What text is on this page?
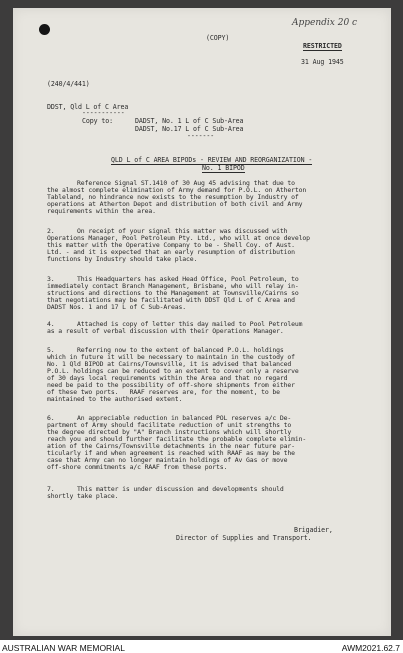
Appendix 20 c
(COPY)
RESTRICTED
31 Aug 1945
(240/4/441)
DDST, Qld L of C Area
-----------
Copy to:	DADST, No. 1 L of C Sub-Area
DADST, No.17 L of C Sub-Area
-------
QLD L of C AREA BIPODs - REVIEW AND REORGANIZATION -
No. 1 BIPOD
Reference Signal ST.1410 of 30 Aug 45 advising that due to
the almost complete elimination of Army demand for P.O.L. on Atherton
Tableland, no hindrance now exists to the resumption by Industry of
operations at Atherton Depot and distribution of both civil and Army
requirements within the area.
2.      On receipt of your signal this matter was discussed with
Operations Manager, Pool Petroleum Pty. Ltd., who will at once develop
this matter with the Operative Company to be - Shell Coy. of Aust.
Ltd. - and it is expected that an early resumption of distribution
functions by Industry should take place.
3.      This Headquarters has asked Head Office, Pool Petroleum, to
immediately contact Branch Management, Brisbane, who will relay in-
structions and directions to the Management at Townsville/Cairns so
that negotiations may be facilitated with DDST Qld L of C Area and
DADST Nos. 1 and 17 L of C Sub-Areas.
4.      Attached is copy of letter this day mailed to Pool Petroleum
as a result of verbal discussion with their Operations Manager.
5.      Referring now to the extent of balanced P.O.L. holdings
which in future it will be necessary to maintain in the custody of
No. 1 Qld BIPOD at Cairns/Townsville, it is advised that balanced
P.O.L. holdings can be reduced to an extent to cover only a reserve
of 30 days local requirements within the Area and that no regard
need be paid to the possibility of off-shore shipments from either
of these two ports.   RAAF reserves are, for the moment, to be
maintained to the authorised extent.
6.      An appreciable reduction in balanced POL reserves a/c De-
partment of Army should facilitate reduction of unit strengths to
the degree directed by "A" Branch instructions which will shortly
reach you and should further facilitate the probable complete elimin-
ation of the Cairns/Townsville detachments in the near future par-
ticularly if and when agreement is reached with RAAF as may be the
case that Army can no longer maintain holdings of Av Gas or move
off-shore commitments a/c RAAF from these ports.
7.      This matter is under discussion and developments should
shortly take place.
Brigadier,
Director of Supplies and Transport.
AUSTRALIAN WAR MEMORIAL	AWM2021.62.7
